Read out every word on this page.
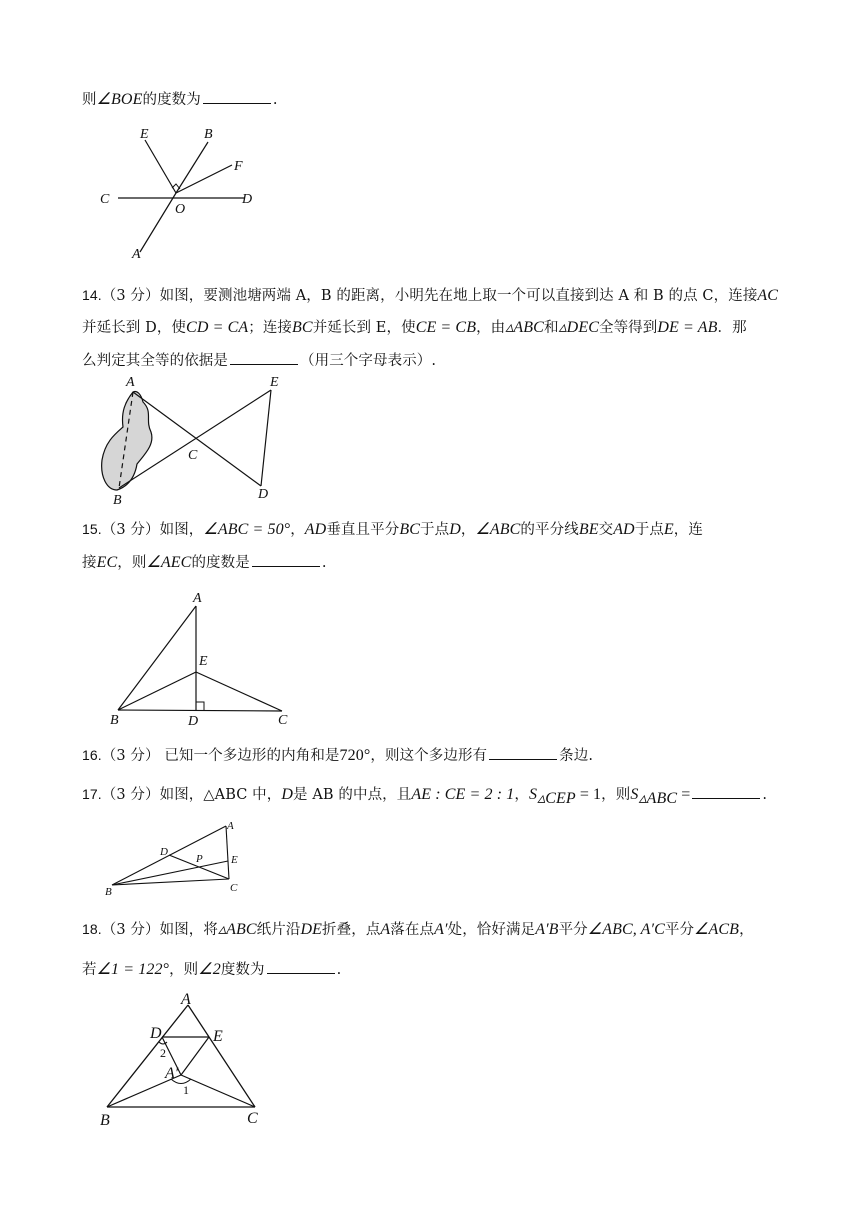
则∠BOE的度数为	.
E	B
F
C
O
D
A
14.（3 分）如图，要测池塘两端 A，B 的距离，小明先在地上取一个可以直接到达 A 和 B 的点 C，连接AC
并延长到 D，使CD = CA；连接BC并延长到 E，使CE = CB，由▵ABC和▵DEC全等得到DE = AB．那
么判定其全等的依据是	（用三个字母表示）.
A	E
C
B	D
15.（3 分）如图，∠ABC = 50°，AD垂直且平分BC于点D，∠ABC的平分线BE交AD于点E，连
接EC，则∠AEC的度数是	.
A
E
B	D	C
16.（3 分） 已知一个多边形的内角和是720°，则这个多边形有	条边.
17.（3 分）如图，△ABC 中，D是 AB 的中点，且AE : CE = 2 : 1，$S_{▵CEP} = 1$，则$S_{▵ABC}$ =	.
A
D
P	E
B	C
18.（3 分）如图，将▵ABC纸片沿DE折叠，点A落在点A′处，恰好满足A′B平分∠ABC, A′C平分∠ACB，
若∠1 = 122°，则∠2度数为	.
A
D	E
2
A′
1
B	C
